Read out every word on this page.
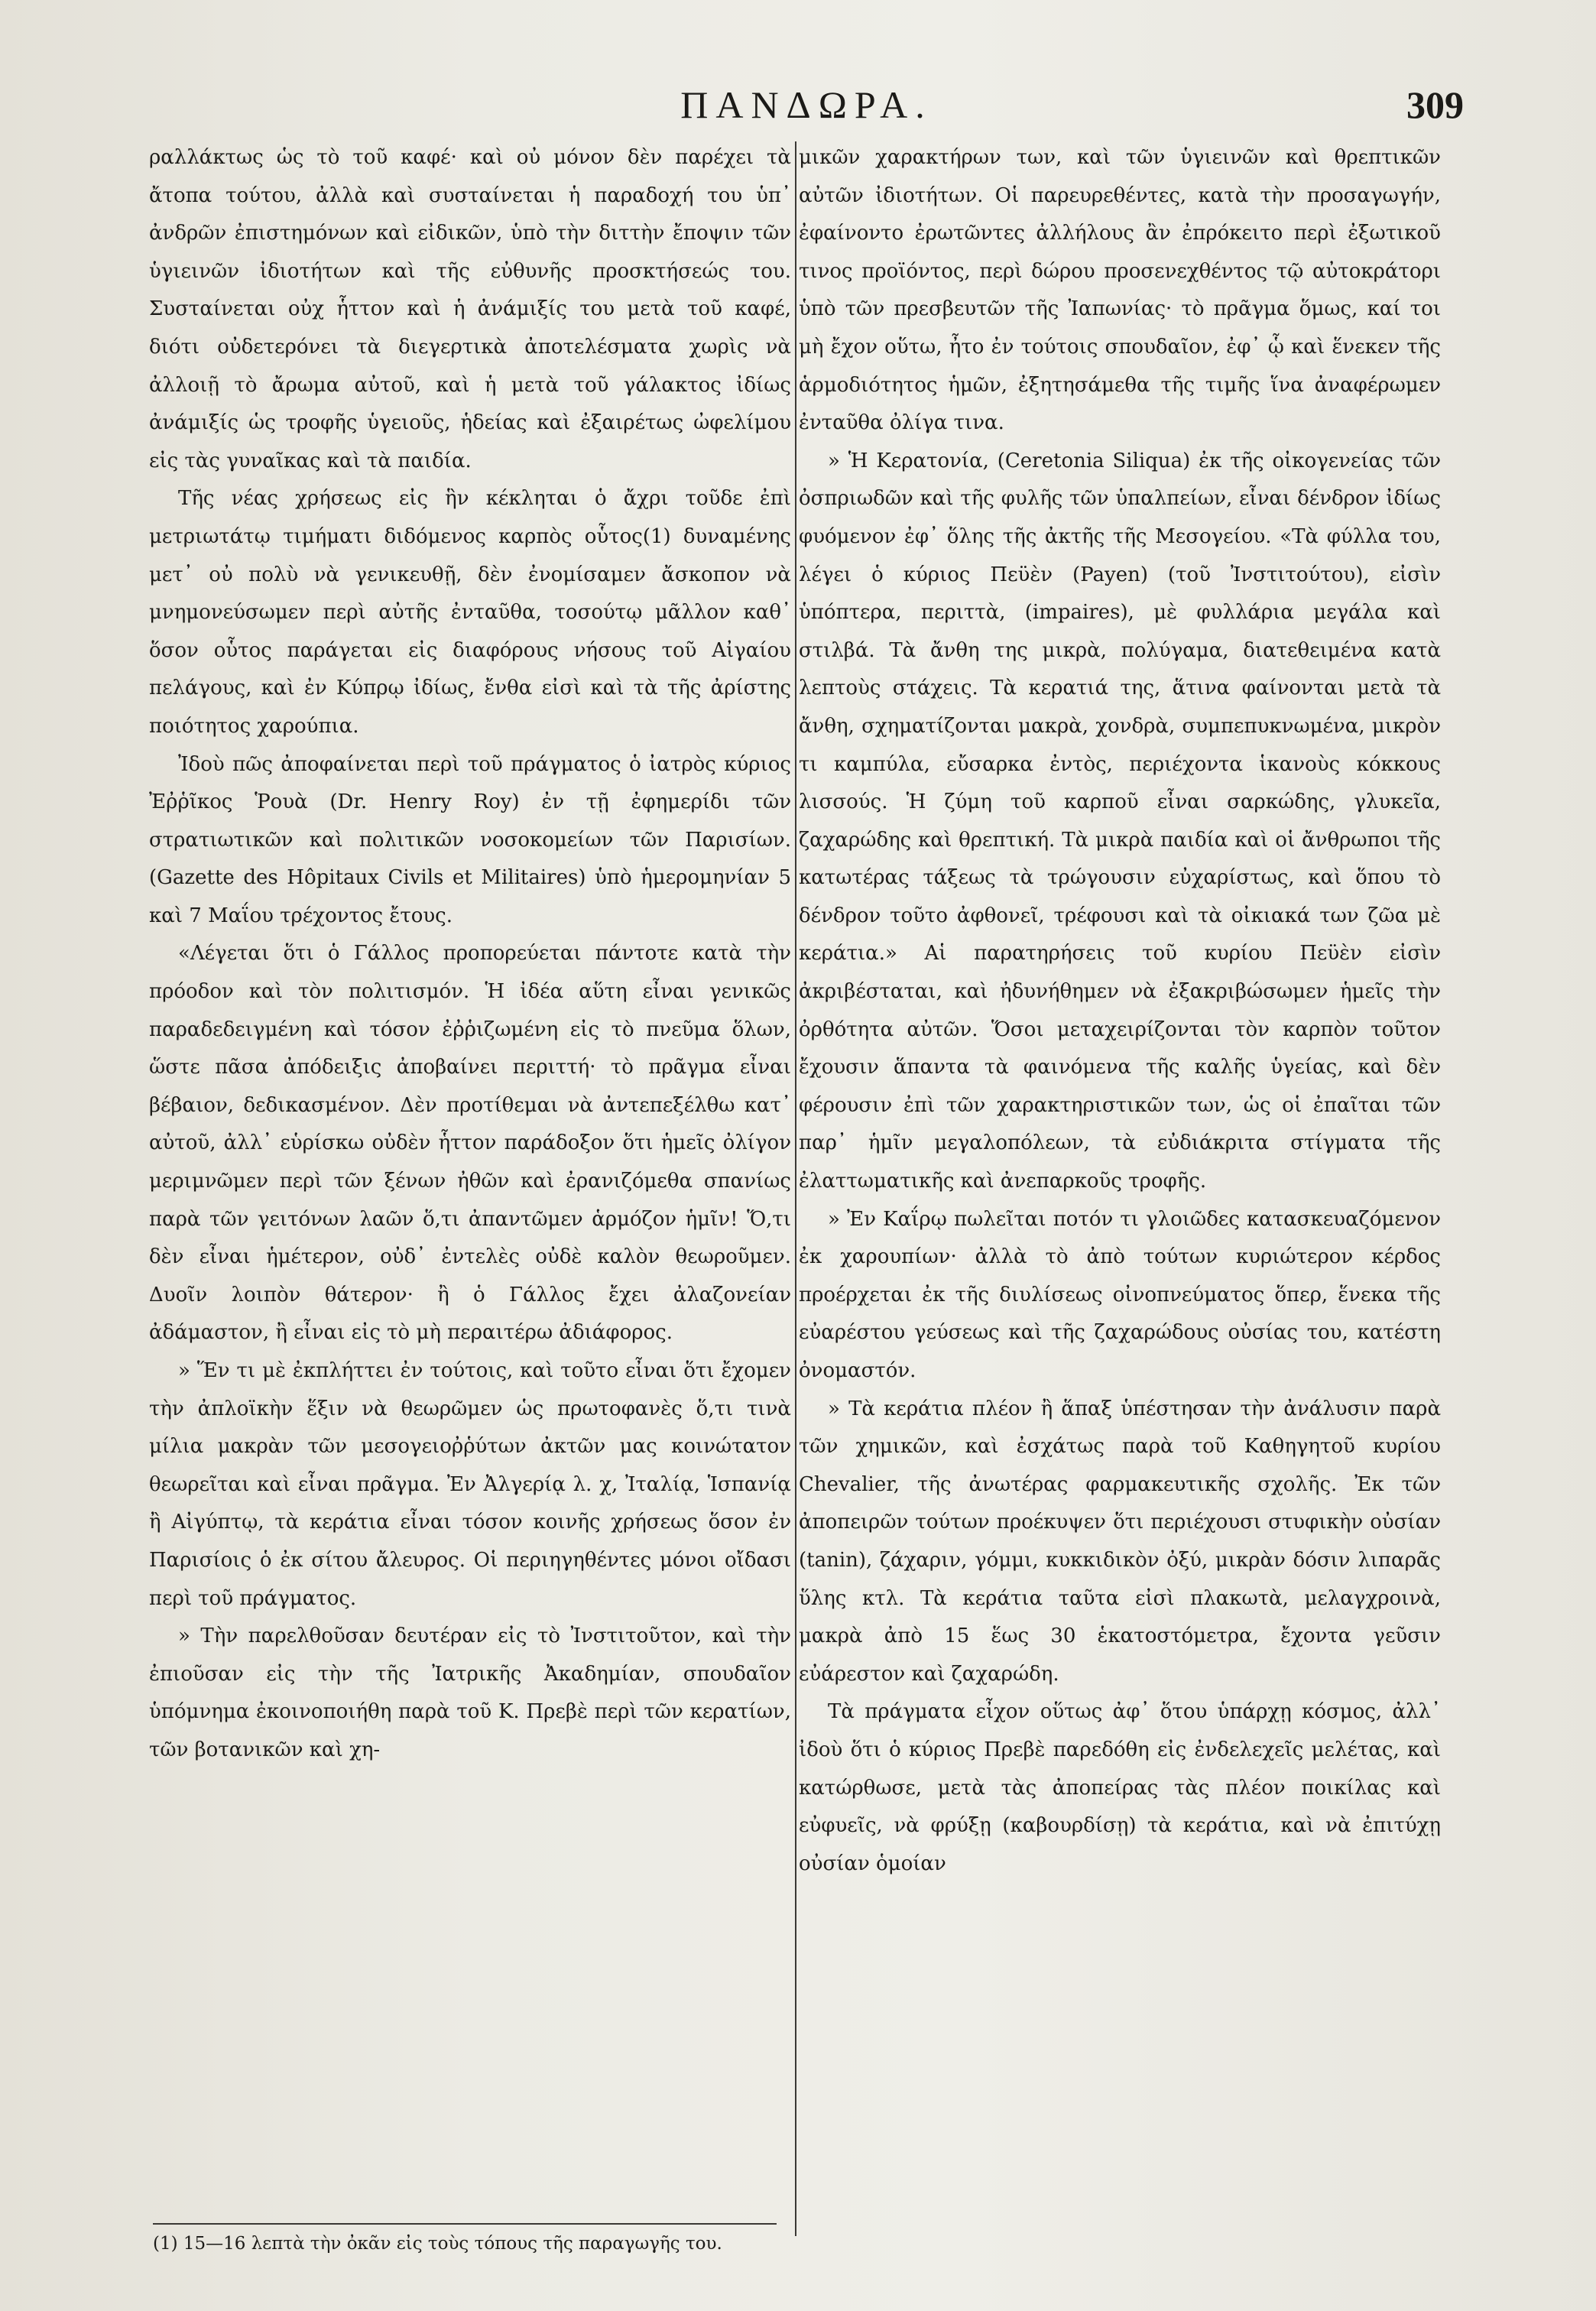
ΠΑΝΔΩΡΑ.	309

ραλλάκτως ὡς τὸ τοῦ καφέ· καὶ οὐ μόνον δὲν παρέχει τὰ ἄτοπα τούτου, ἀλλὰ καὶ συσταίνεται ἡ παραδοχή του ὑπ᾽ ἀνδρῶν ἐπιστημόνων καὶ εἰδικῶν, ὑπὸ τὴν διττὴν ἔποψιν τῶν ὑγιεινῶν ἰδιοτήτων καὶ τῆς εὐθυνῆς προσκτήσεώς του. Συσταίνεται οὐχ ἧττον καὶ ἡ ἀνάμιξίς του μετὰ τοῦ καφέ, διότι οὐδετερόνει τὰ διεγερτικὰ ἀποτελέσματα χωρὶς νὰ ἀλλοιῇ τὸ ἄρωμα αὐτοῦ, καὶ ἡ μετὰ τοῦ γάλακτος ἰδίως ἀνάμιξίς ὡς τροφῆς ὑγειοῦς, ἡδείας καὶ ἐξαιρέτως ὠφελίμου εἰς τὰς γυναῖκας καὶ τὰ παιδία.

Τῆς νέας χρήσεως εἰς ἣν κέκληται ὁ ἄχρι τοῦδε ἐπὶ μετριωτάτῳ τιμήματι διδόμενος καρπὸς οὗτος(1) δυναμένης μετ᾽ οὐ πολὺ νὰ γενικευθῇ, δὲν ἐνομίσαμεν ἄσκοπον νὰ μνημονεύσωμεν περὶ αὐτῆς ἐνταῦθα, τοσούτῳ μᾶλλον καθ᾽ ὅσον οὗτος παράγεται εἰς διαφόρους νήσους τοῦ Αἰγαίου πελάγους, καὶ ἐν Κύπρῳ ἰδίως, ἔνθα εἰσὶ καὶ τὰ τῆς ἀρίστης ποιότητος χαρούπια.

Ἰδοὺ πῶς ἀποφαίνεται περὶ τοῦ πράγματος ὁ ἰατρὸς κύριος Ἐῤῥῖκος Ῥουὰ (Dr. Henry Roy) ἐν τῇ ἐφημερίδι τῶν στρατιωτικῶν καὶ πολιτικῶν νοσοκομείων τῶν Παρισίων. (Gazette des Hôpitaux Civils et Militaires) ὑπὸ ἡμερομηνίαν 5 καὶ 7 Μαΐου τρέχοντος ἔτους.

«Λέγεται ὅτι ὁ Γάλλος προπορεύεται πάντοτε κατὰ τὴν πρόοδον καὶ τὸν πολιτισμόν. Ἡ ἰδέα αὕτη εἶναι γενικῶς παραδεδειγμένη καὶ τόσον ἐῤῥιζωμένη εἰς τὸ πνεῦμα ὅλων, ὥστε πᾶσα ἀπόδειξις ἀποβαίνει περιττή· τὸ πρᾶγμα εἶναι βέβαιον, δεδικασμένον. Δὲν προτίθεμαι νὰ ἀντεπεξέλθω κατ᾽ αὐτοῦ, ἀλλ᾽ εὑρίσκω οὐδὲν ἧττον παράδοξον ὅτι ἡμεῖς ὀλίγον μεριμνῶμεν περὶ τῶν ξένων ἠθῶν καὶ ἐρανιζόμεθα σπανίως παρὰ τῶν γειτόνων λαῶν ὅ,τι ἀπαντῶμεν ἁρμόζον ἡμῖν! Ὅ,τι δὲν εἶναι ἡμέτερον, οὐδ᾽ ἐντελὲς οὐδὲ καλὸν θεωροῦμεν. Δυοῖν λοιπὸν θάτερον· ἢ ὁ Γάλλος ἔχει ἀλαζονείαν ἀδάμαστον, ἢ εἶναι εἰς τὸ μὴ περαιτέρω ἀδιάφορος.

» Ἕν τι μὲ ἐκπλήττει ἐν τούτοις, καὶ τοῦτο εἶναι ὅτι ἔχομεν τὴν ἀπλοϊκὴν ἕξιν νὰ θεωρῶμεν ὡς πρωτοφανὲς ὅ,τι τινὰ μίλια μακρὰν τῶν μεσογειοῤῥύτων ἀκτῶν μας κοινώτατον θεωρεῖται καὶ εἶναι πρᾶγμα. Ἐν Ἀλγερίᾳ λ. χ, Ἰταλίᾳ, Ἱσπανίᾳ ἢ Αἰγύπτῳ, τὰ κεράτια εἶναι τόσον κοινῆς χρήσεως ὅσον ἐν Παρισίοις ὁ ἐκ σίτου ἄλευρος. Οἱ περιηγηθέντες μόνοι οἴδασι περὶ τοῦ πράγματος.

» Τὴν παρελθοῦσαν δευτέραν εἰς τὸ Ἰνστιτοῦτον, καὶ τὴν ἐπιοῦσαν εἰς τὴν τῆς Ἰατρικῆς Ἀκαδημίαν, σπουδαῖον ὑπόμνημα ἐκοινοποιήθη παρὰ τοῦ Κ. Πρεβὲ περὶ τῶν κερατίων, τῶν βοτανικῶν καὶ χη-

μικῶν χαρακτήρων των, καὶ τῶν ὑγιεινῶν καὶ θρεπτικῶν αὐτῶν ἰδιοτήτων. Οἱ παρευρεθέντες, κατὰ τὴν προσαγωγήν, ἐφαίνοντο ἐρωτῶντες ἀλλήλους ἂν ἐπρόκειτο περὶ ἐξωτικοῦ τινος προϊόντος, περὶ δώρου προσενεχθέντος τῷ αὐτοκράτορι ὑπὸ τῶν πρεσβευτῶν τῆς Ἰαπωνίας· τὸ πρᾶγμα ὅμως, καί τοι μὴ ἔχον οὕτω, ἦτο ἐν τούτοις σπουδαῖον, ἐφ᾽ ᾧ καὶ ἕνεκεν τῆς ἁρμοδιότητος ἡμῶν, ἐξητησάμεθα τῆς τιμῆς ἵνα ἀναφέρωμεν ἐνταῦθα ὀλίγα τινα.

» Ἡ Κερατονία, (Ceretonia Siliqua) ἐκ τῆς οἰκογενείας τῶν ὀσπριωδῶν καὶ τῆς φυλῆς τῶν ὑπαλπείων, εἶναι δένδρον ἰδίως φυόμενον ἐφ᾽ ὅλης τῆς ἀκτῆς τῆς Μεσογείου. «Τὰ φύλλα του, λέγει ὁ κύριος Πεϋὲν (Payen) (τοῦ Ἰνστιτούτου), εἰσὶν ὑπόπτερα, περιττὰ, (impaires), μὲ φυλλάρια μεγάλα καὶ στιλβά. Τὰ ἄνθη της μικρὰ, πολύγαμα, διατεθειμένα κατὰ λεπτοὺς στάχεις. Τὰ κερατιά της, ἅτινα φαίνονται μετὰ τὰ ἄνθη, σχηματίζονται μακρὰ, χονδρὰ, συμπεπυκνωμένα, μικρὸν τι καμπύλα, εὔσαρκα ἐντὸς, περιέχοντα ἱκανοὺς κόκκους λισσούς. Ἡ ζύμη τοῦ καρποῦ εἶναι σαρκώδης, γλυκεῖα, ζαχαρώδης καὶ θρεπτική. Τὰ μικρὰ παιδία καὶ οἱ ἄνθρωποι τῆς κατωτέρας τάξεως τὰ τρώγουσιν εὐχαρίστως, καὶ ὅπου τὸ δένδρον τοῦτο ἀφθονεῖ, τρέφουσι καὶ τὰ οἰκιακά των ζῶα μὲ κεράτια.» Αἱ παρατηρήσεις τοῦ κυρίου Πεϋὲν εἰσὶν ἀκριβέσταται, καὶ ἠδυνήθημεν νὰ ἐξακριβώσωμεν ἡμεῖς τὴν ὀρθότητα αὐτῶν. Ὅσοι μεταχειρίζονται τὸν καρπὸν τοῦτον ἔχουσιν ἅπαντα τὰ φαινόμενα τῆς καλῆς ὑγείας, καὶ δὲν φέρουσιν ἐπὶ τῶν χαρακτηριστικῶν των, ὡς οἱ ἐπαῖται τῶν παρ᾽ ἡμῖν μεγαλοπόλεων, τὰ εὐδιάκριτα στίγματα τῆς ἐλαττωματικῆς καὶ ἀνεπαρκοῦς τροφῆς.

» Ἐν Καΐρῳ πωλεῖται ποτόν τι γλοιῶδες κατασκευαζόμενον ἐκ χαρουπίων· ἀλλὰ τὸ ἀπὸ τούτων κυριώτερον κέρδος προέρχεται ἐκ τῆς διυλίσεως οἰνοπνεύματος ὅπερ, ἕνεκα τῆς εὐαρέστου γεύσεως καὶ τῆς ζαχαρώδους οὐσίας του, κατέστη ὀνομαστόν.

» Τὰ κεράτια πλέον ἢ ἅπαξ ὑπέστησαν τὴν ἀνάλυσιν παρὰ τῶν χημικῶν, καὶ ἐσχάτως παρὰ τοῦ Καθηγητοῦ κυρίου Chevalier, τῆς ἀνωτέρας φαρμακευτικῆς σχολῆς. Ἐκ τῶν ἀποπειρῶν τούτων προέκυψεν ὅτι περιέχουσι στυφικὴν οὐσίαν (tanin), ζάχαριν, γόμμι, κυκκιδικὸν ὀξύ, μικρὰν δόσιν λιπαρᾶς ὕλης κτλ. Τὰ κεράτια ταῦτα εἰσὶ πλακωτὰ, μελαγχροινὰ, μακρὰ ἀπὸ 15 ἕως 30 ἑκατοστόμετρα, ἔχοντα γεῦσιν εὐάρεστον καὶ ζαχαρώδη.

Τὰ πράγματα εἶχον οὕτως ἀφ᾽ ὅτου ὑπάρχῃ κόσμος, ἀλλ᾽ ἰδοὺ ὅτι ὁ κύριος Πρεβὲ παρεδόθη εἰς ἐνδελεχεῖς μελέτας, καὶ κατώρθωσε, μετὰ τὰς ἀποπείρας τὰς πλέον ποικίλας καὶ εὐφυεῖς, νὰ φρύξῃ (καβουρδίσῃ) τὰ κεράτια, καὶ νὰ ἐπιτύχῃ οὐσίαν ὁμοίαν

(1) 15—16 λεπτὰ τὴν ὀκᾶν εἰς τοὺς τόπους τῆς παραγωγῆς του.
